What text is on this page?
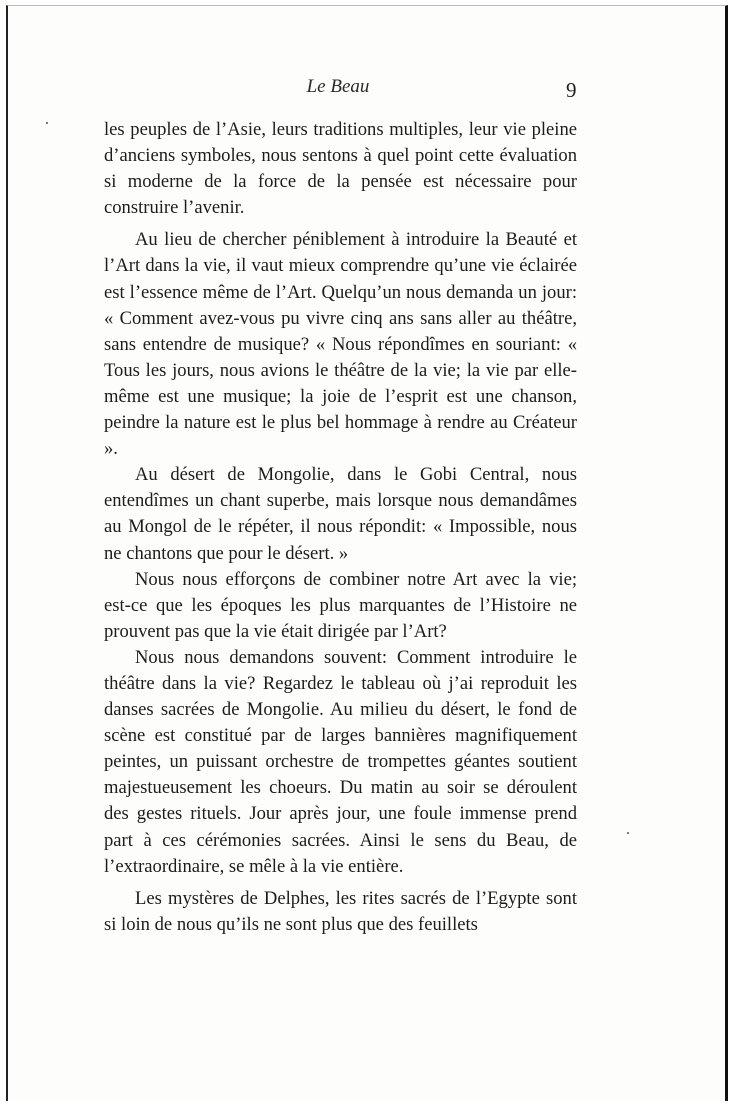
Le Beau	9

les peuples de l’Asie, leurs traditions multiples, leur vie pleine d’anciens symboles, nous sentons à quel point cette évaluation si moderne de la force de la pensée est nécessaire pour construire l’avenir.

Au lieu de chercher péniblement à introduire la Beauté et l’Art dans la vie, il vaut mieux comprendre qu’une vie éclairée est l’essence même de l’Art. Quelqu’un nous demanda un jour: « Comment avez-vous pu vivre cinq ans sans aller au théâtre, sans entendre de musique? « Nous répondîmes en souriant: « Tous les jours, nous avions le théâtre de la vie; la vie par elle-même est une musique; la joie de l’esprit est une chanson, peindre la nature est le plus bel hommage à rendre au Créateur ».

Au désert de Mongolie, dans le Gobi Central, nous entendîmes un chant superbe, mais lorsque nous demandâmes au Mongol de le répéter, il nous répondit: « Impossible, nous ne chantons que pour le désert. »

Nous nous efforçons de combiner notre Art avec la vie; est-ce que les époques les plus marquantes de l’Histoire ne prouvent pas que la vie était dirigée par l’Art?

Nous nous demandons souvent: Comment introduire le théâtre dans la vie? Regardez le tableau où j’ai reproduit les danses sacrées de Mongolie. Au milieu du désert, le fond de scène est constitué par de larges bannières magnifiquement peintes, un puissant orchestre de trompettes géantes soutient majestueusement les choeurs. Du matin au soir se déroulent des gestes rituels. Jour après jour, une foule immense prend part à ces cérémonies sacrées. Ainsi le sens du Beau, de l’extraordinaire, se mêle à la vie entière.

Les mystères de Delphes, les rites sacrés de l’Egypte sont si loin de nous qu’ils ne sont plus que des feuillets
